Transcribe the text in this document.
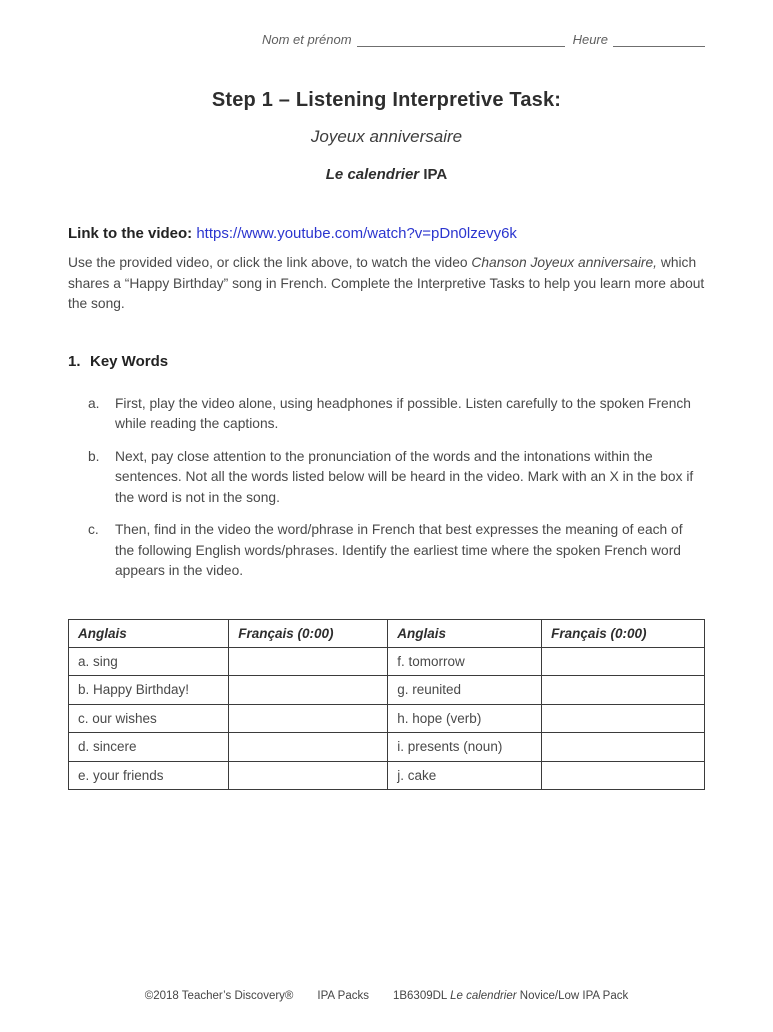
Nom et prénom	Heure
Step 1 – Listening Interpretive Task:
Joyeux anniversaire
Le calendrier IPA
Link to the video: https://www.youtube.com/watch?v=pDn0lzevy6k

Use the provided video, or click the link above, to watch the video Chanson Joyeux anniversaire, which shares a “Happy Birthday” song in French. Complete the Interpretive Tasks to help you learn more about the song.

1. Key Words
a.	First, play the video alone, using headphones if possible. Listen carefully to the spoken French while reading the captions.
b.	Next, pay close attention to the pronunciation of the words and the intonations within the sentences. Not all the words listed below will be heard in the video. Mark with an X in the box if the word is not in the song.
c.	Then, find in the video the word/phrase in French that best expresses the meaning of each of the following English words/phrases. Identify the earliest time where the spoken French word appears in the video.
Anglais	Français (0:00)	Anglais	Français (0:00)
a. sing		f. tomorrow	
b. Happy Birthday!		g. reunited	
c. our wishes		h. hope (verb)	
d. sincere		i. presents (noun)	
e. your friends		j. cake	
©2018 Teacher’s Discovery® IPA Packs 1B6309DL Le calendrier Novice/Low IPA Pack
